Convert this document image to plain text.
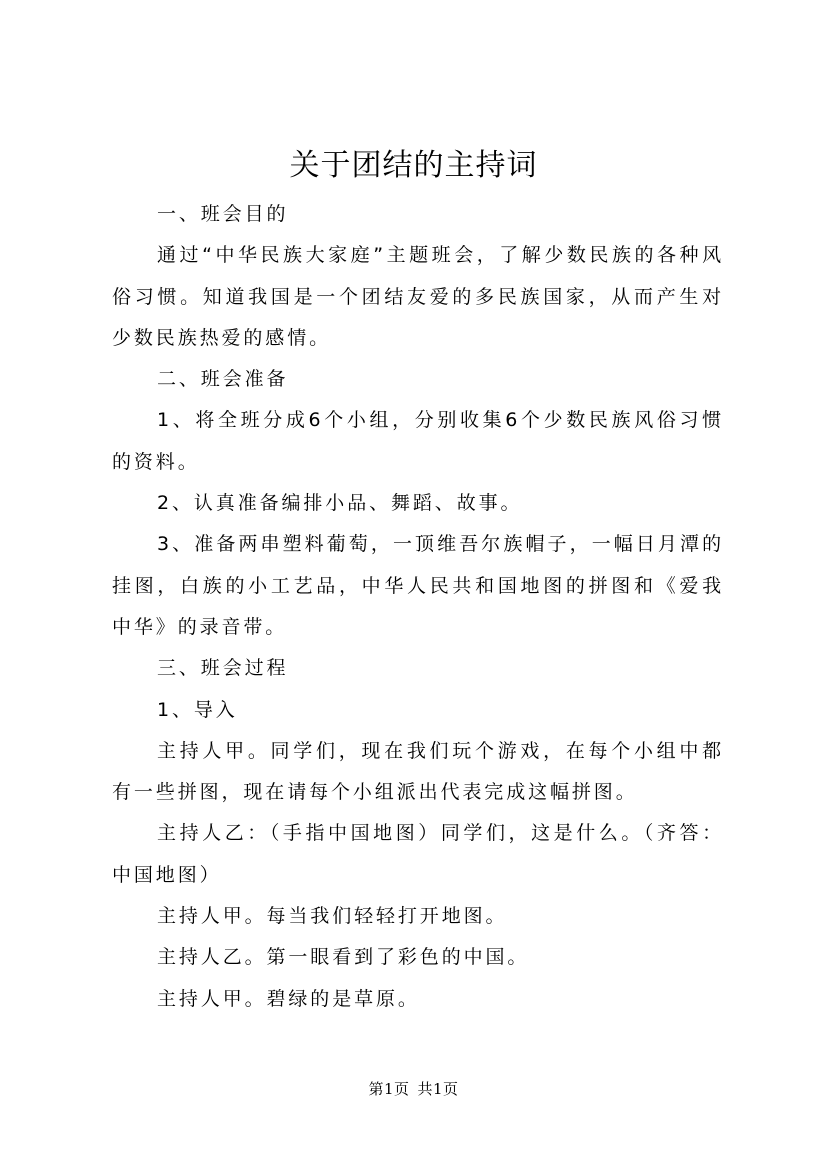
关于团结的主持词

一、班会目的

通过“中华民族大家庭”主题班会，了解少数民族的各种风俗习惯。知道我国是一个团结友爱的多民族国家，从而产生对少数民族热爱的感情。

二、班会准备

1、将全班分成6个小组，分别收集6个少数民族风俗习惯的资料。

2、认真准备编排小品、舞蹈、故事。

3、准备两串塑料葡萄，一顶维吾尔族帽子，一幅日月潭的挂图，白族的小工艺品，中华人民共和国地图的拼图和《爱我中华》的录音带。

三、班会过程

1、导入

主持人甲。同学们，现在我们玩个游戏，在每个小组中都有一些拼图，现在请每个小组派出代表完成这幅拼图。

主持人乙：（手指中国地图）同学们，这是什么。（齐答：中国地图）

主持人甲。每当我们轻轻打开地图。

主持人乙。第一眼看到了彩色的中国。

主持人甲。碧绿的是草原。

第1页 共1页
